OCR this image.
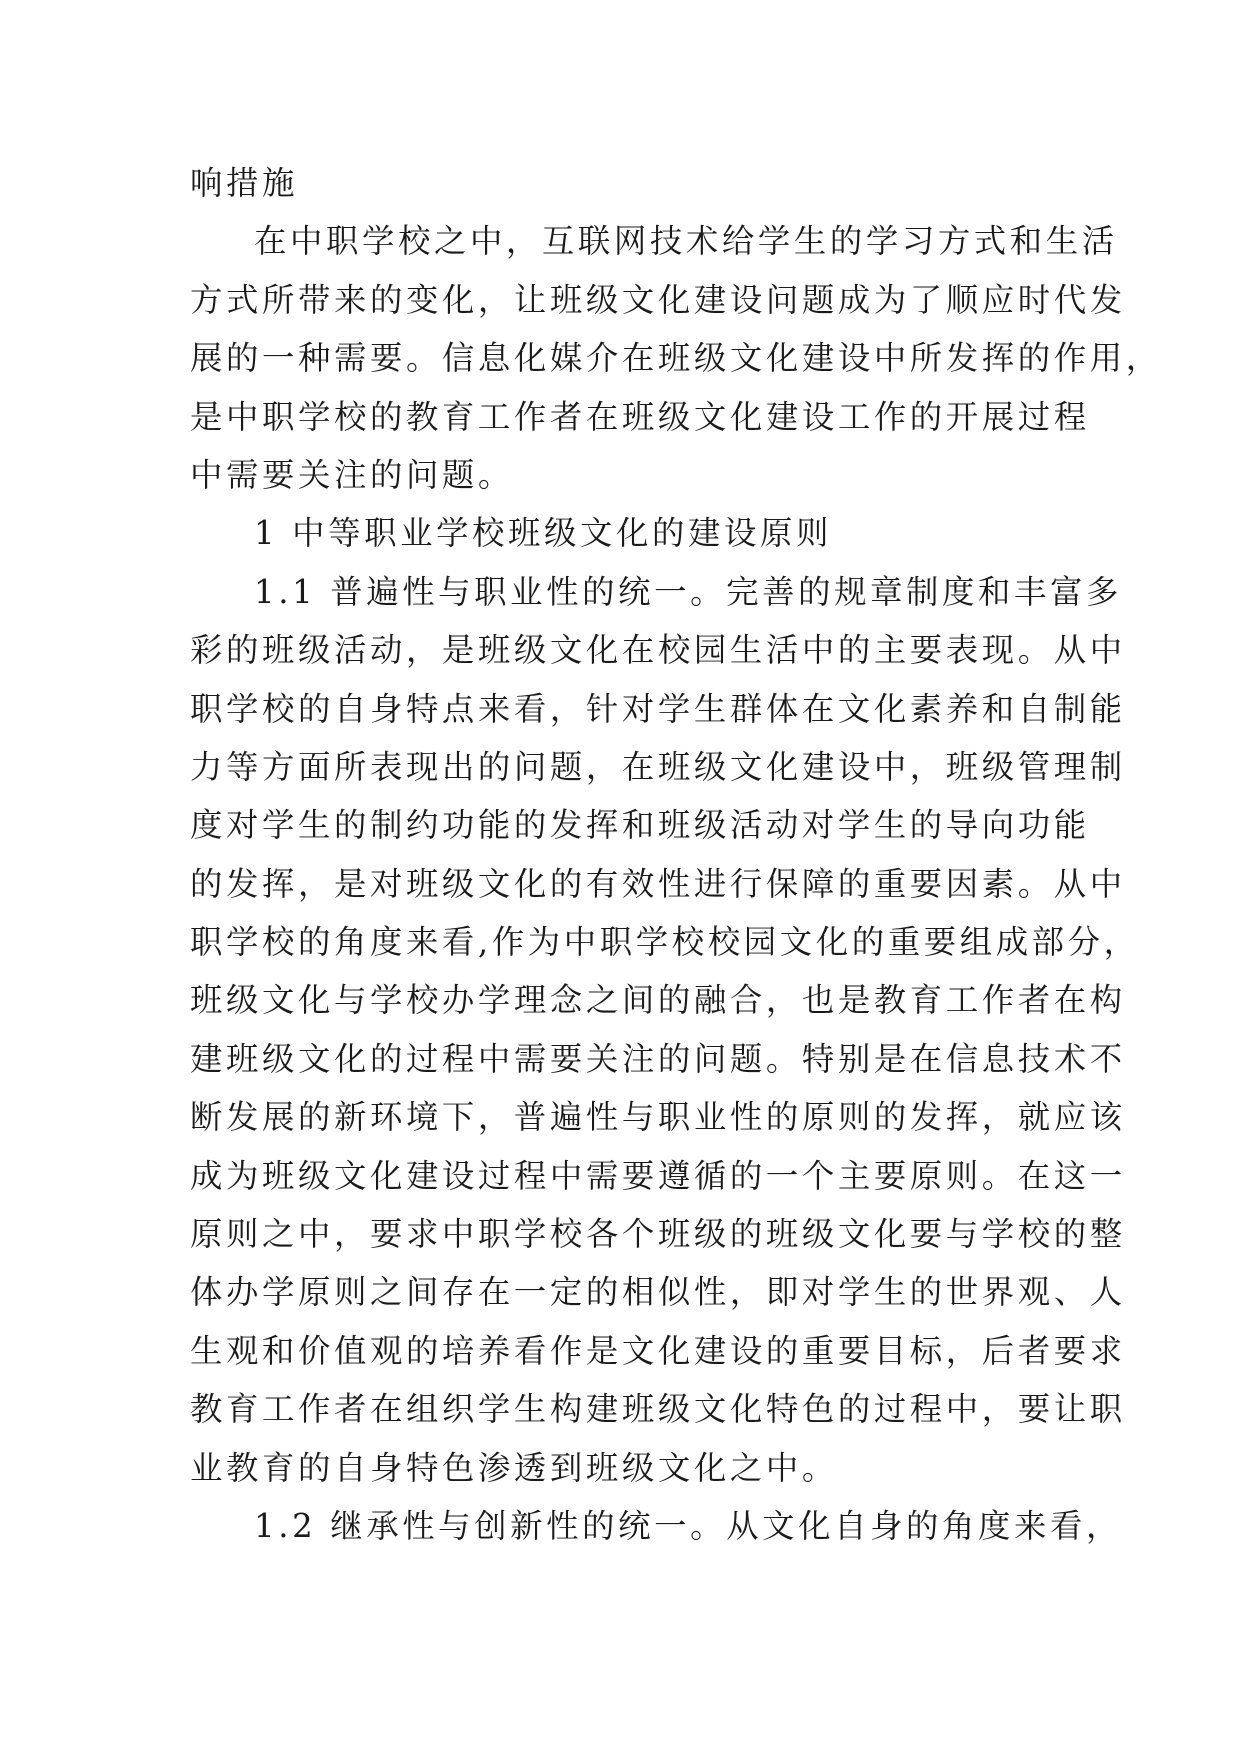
响措施

在中职学校之中，互联网技术给学生的学习方式和生活
方式所带来的变化，让班级文化建设问题成为了顺应时代发
展的一种需要。信息化媒介在班级文化建设中所发挥的作用，
是中职学校的教育工作者在班级文化建设工作的开展过程
中需要关注的问题。

1 中等职业学校班级文化的建设原则

1.1 普遍性与职业性的统一。完善的规章制度和丰富多
彩的班级活动，是班级文化在校园生活中的主要表现。从中
职学校的自身特点来看，针对学生群体在文化素养和自制能
力等方面所表现出的问题，在班级文化建设中，班级管理制
度对学生的制约功能的发挥和班级活动对学生的导向功能
的发挥，是对班级文化的有效性进行保障的重要因素。从中
职学校的角度来看,作为中职学校校园文化的重要组成部分，
班级文化与学校办学理念之间的融合，也是教育工作者在构
建班级文化的过程中需要关注的问题。特别是在信息技术不
断发展的新环境下，普遍性与职业性的原则的发挥，就应该
成为班级文化建设过程中需要遵循的一个主要原则。在这一
原则之中，要求中职学校各个班级的班级文化要与学校的整
体办学原则之间存在一定的相似性，即对学生的世界观、人
生观和价值观的培养看作是文化建设的重要目标，后者要求
教育工作者在组织学生构建班级文化特色的过程中，要让职
业教育的自身特色渗透到班级文化之中。

1.2 继承性与创新性的统一。从文化自身的角度来看，
